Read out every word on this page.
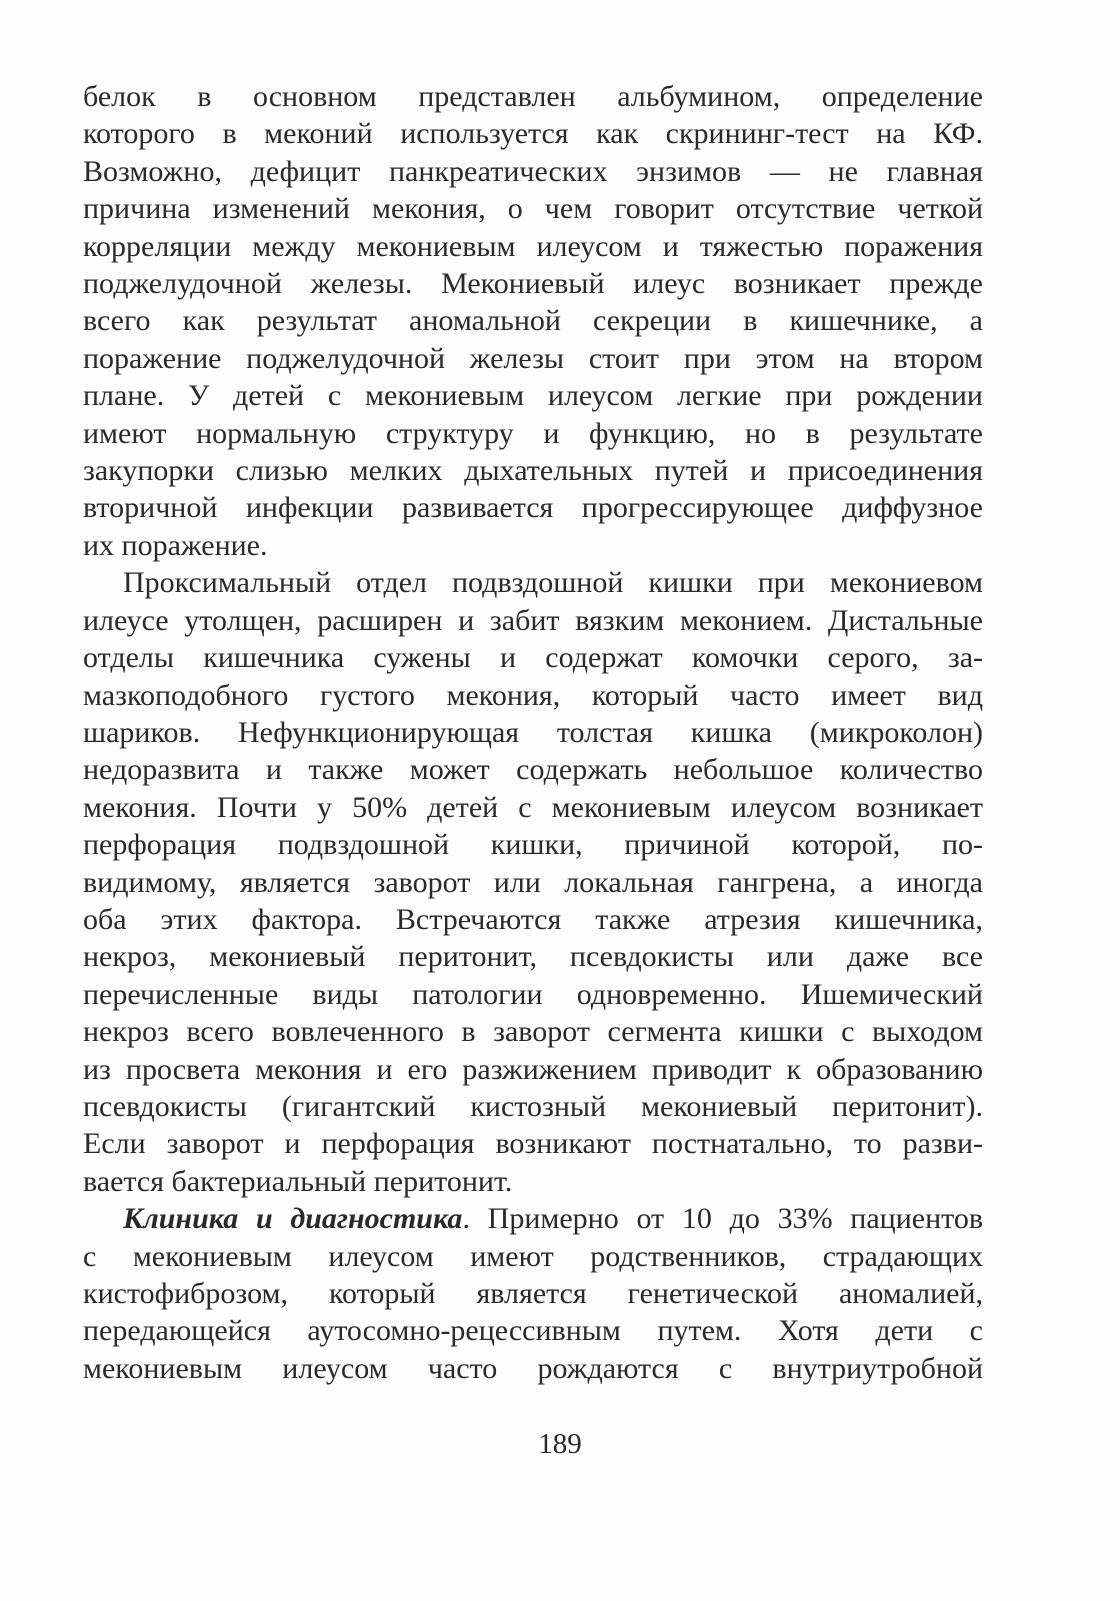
белок в основном представлен альбумином, определение
которого в меконий используется как скрининг-тест на КФ.
Возможно, дефицит панкреатических энзимов — не главная
причина изменений мекония, о чем говорит отсутствие четкой
корреляции между мекониевым илеусом и тяжестью поражения
поджелудочной железы. Мекониевый илеус возникает прежде
всего как результат аномальной секреции в кишечнике, а
поражение поджелудочной железы стоит при этом на втором
плане. У детей с мекониевым илеусом легкие при рождении
имеют нормальную структуру и функцию, но в результате
закупорки слизью мелких дыхательных путей и присоединения
вторичной инфекции развивается прогрессирующее диффузное
их поражение.

Проксимальный отдел подвздошной кишки при мекониевом
илеусе утолщен, расширен и забит вязким меконием. Дистальные
отделы кишечника сужены и содержат комочки серого, за-
мазкоподобного густого мекония, который часто имеет вид
шариков. Нефункционирующая толстая кишка (микроколон)
недоразвита и также может содержать небольшое количество
мекония. Почти у 50% детей с мекониевым илеусом возникает
перфорация подвздошной кишки, причиной которой, по-
видимому, является заворот или локальная гангрена, а иногда
оба этих фактора. Встречаются также атрезия кишечника,
некроз, мекониевый перитонит, псевдокисты или даже все
перечисленные виды патологии одновременно. Ишемический
некроз всего вовлеченного в заворот сегмента кишки с выходом
из просвета мекония и его разжижением приводит к образованию
псевдокисты (гигантский кистозный мекониевый перитонит).
Если заворот и перфорация возникают постнатально, то разви-
вается бактериальный перитонит.

Клиника и диагностика. Примерно от 10 до 33% пациентов
с мекониевым илеусом имеют родственников, страдающих
кистофиброзом, который является генетической аномалией,
передающейся аутосомно-рецессивным путем. Хотя дети с
мекониевым илеусом часто рождаются с внутриутробной

189
